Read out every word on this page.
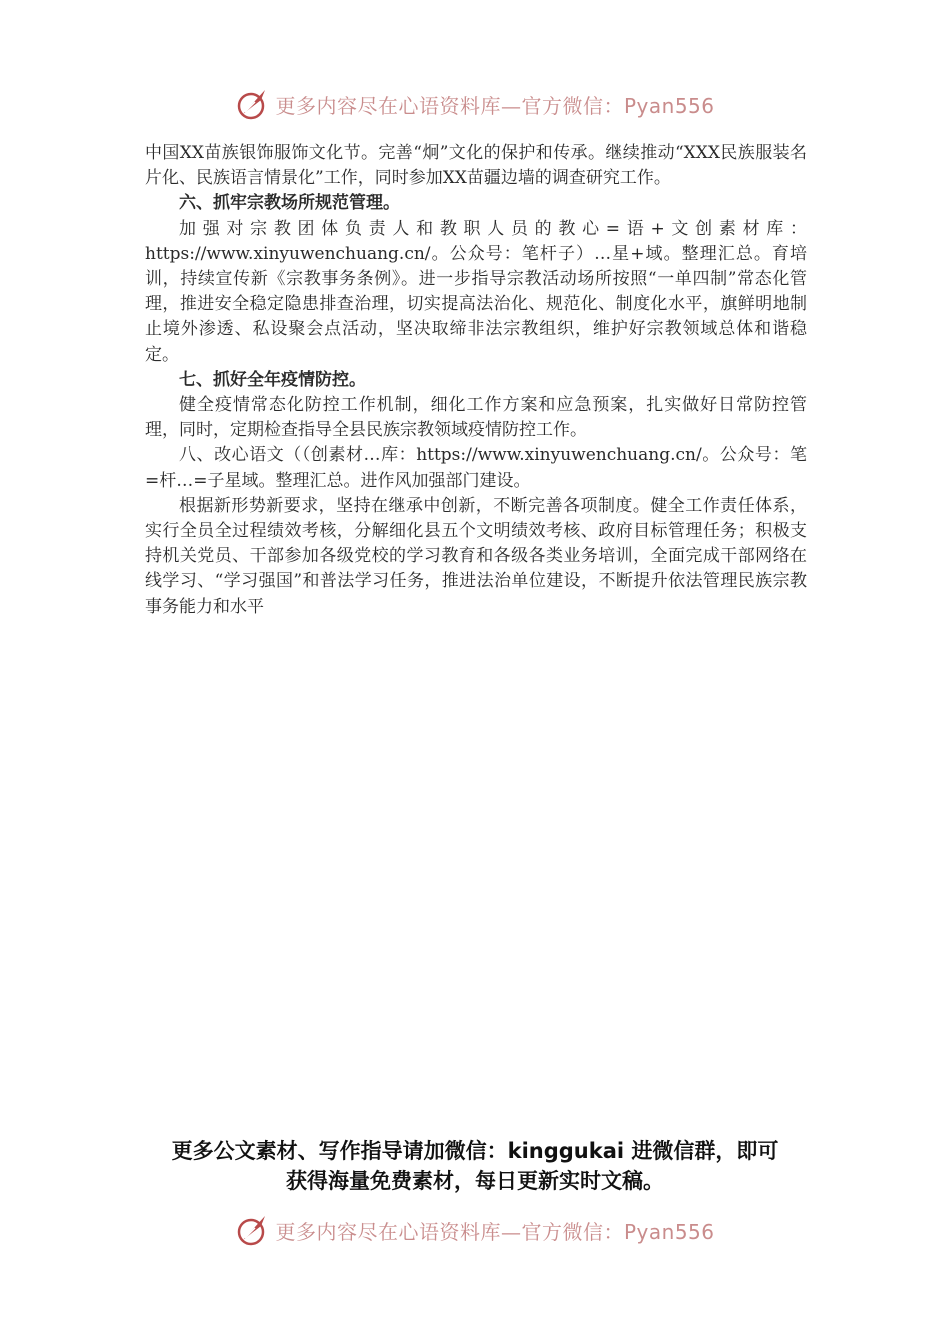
更多内容尽在心语资料库—官方微信：Pyan556

中国XX苗族银饰服饰文化节。完善“炯”文化的保护和传承。继续推动“XXX民族服装名片化、民族语言情景化”工作，同时参加XX苗疆边墙的调查研究工作。

六、抓牢宗教场所规范管理。

加强对宗教团体负责人和教职人员的教心=语+文创素材库：https://www.xinyuwenchuang.cn/。公众号：笔杆子）…星+域。整理汇总。育培训，持续宣传新《宗教事务条例》。进一步指导宗教活动场所按照“一单四制”常态化管理，推进安全稳定隐患排查治理，切实提高法治化、规范化、制度化水平，旗鲜明地制止境外渗透、私设聚会点活动，坚决取缔非法宗教组织，维护好宗教领域总体和谐稳定。

七、抓好全年疫情防控。

健全疫情常态化防控工作机制，细化工作方案和应急预案，扎实做好日常防控管理，同时，定期检查指导全县民族宗教领域疫情防控工作。

八、改心语文（（创素材…库：https://www.xinyuwenchuang.cn/。公众号：笔=杆…=子星域。整理汇总。进作风加强部门建设。

根据新形势新要求，坚持在继承中创新，不断完善各项制度。健全工作责任体系，实行全员全过程绩效考核，分解细化县五个文明绩效考核、政府目标管理任务；积极支持机关党员、干部参加各级党校的学习教育和各级各类业务培训，全面完成干部网络在线学习、“学习强国”和普法学习任务，推进法治单位建设，不断提升依法管理民族宗教事务能力和水平

更多公文素材、写作指导请加微信：kinggukai 进微信群，即可
获得海量免费素材，每日更新实时文稿。
更多内容尽在心语资料库—官方微信：Pyan556
